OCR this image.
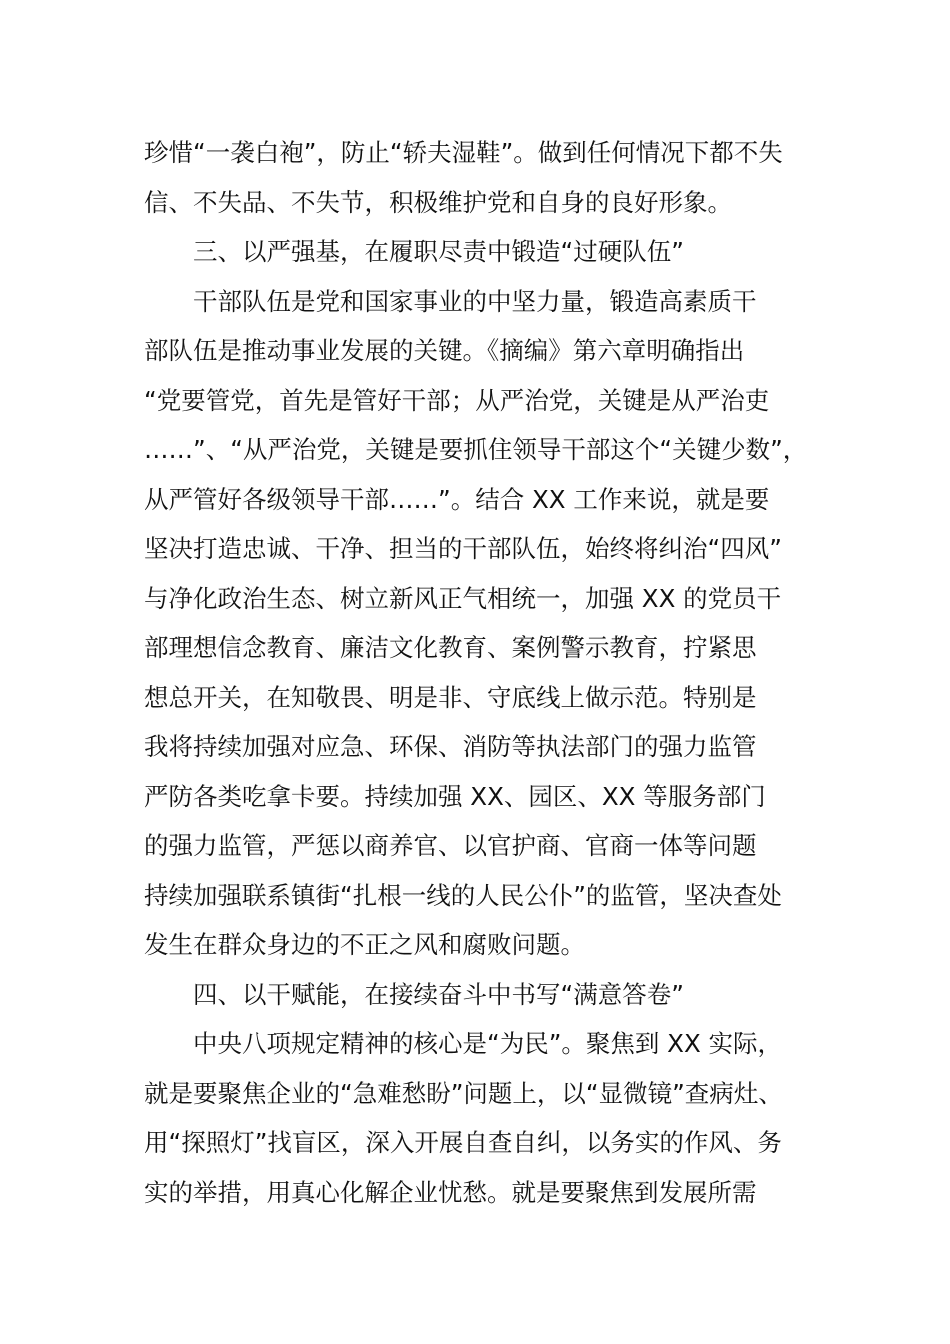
珍惜“一袭白袍”，防止“轿夫湿鞋”。做到任何情况下都不失
信、不失品、不失节，积极维护党和自身的良好形象。
三、以严强基，在履职尽责中锻造“过硬队伍”
干部队伍是党和国家事业的中坚力量，锻造高素质干
部队伍是推动事业发展的关键。《摘编》第六章明确指出
“党要管党，首先是管好干部；从严治党，关键是从严治吏
……”、“从严治党，关键是要抓住领导干部这个“关键少数”，
从严管好各级领导干部……”。结合 XX 工作来说，就是要
坚决打造忠诚、干净、担当的干部队伍，始终将纠治“四风”
与净化政治生态、树立新风正气相统一，加强 XX 的党员干
部理想信念教育、廉洁文化教育、案例警示教育，拧紧思
想总开关，在知敬畏、明是非、守底线上做示范。特别是
我将持续加强对应急、环保、消防等执法部门的强力监管
严防各类吃拿卡要。持续加强 XX、园区、XX 等服务部门
的强力监管，严惩以商养官、以官护商、官商一体等问题
持续加强联系镇街“扎根一线的人民公仆”的监管，坚决查处
发生在群众身边的不正之风和腐败问题。
四、以干赋能，在接续奋斗中书写“满意答卷”
中央八项规定精神的核心是“为民”。聚焦到 XX 实际，
就是要聚焦企业的“急难愁盼”问题上，以“显微镜”查病灶、
用“探照灯”找盲区，深入开展自查自纠，以务实的作风、务
实的举措，用真心化解企业忧愁。就是要聚焦到发展所需
